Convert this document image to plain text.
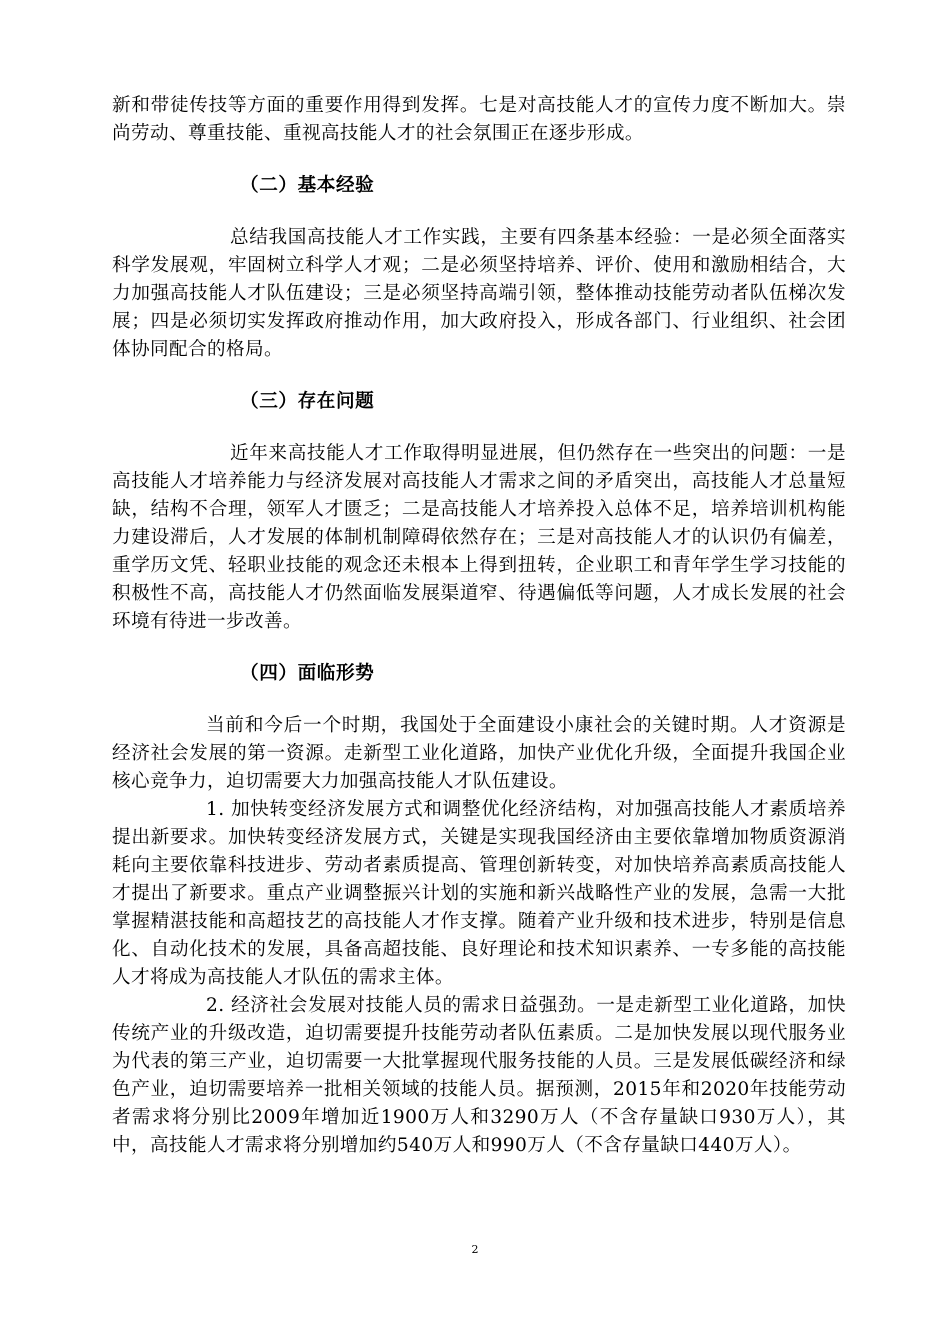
新和带徒传技等方面的重要作用得到发挥。七是对高技能人才的宣传力度不断加大。崇尚劳动、尊重技能、重视高技能人才的社会氛围正在逐步形成。

（二）基本经验

总结我国高技能人才工作实践，主要有四条基本经验：一是必须全面落实科学发展观，牢固树立科学人才观；二是必须坚持培养、评价、使用和激励相结合，大力加强高技能人才队伍建设；三是必须坚持高端引领，整体推动技能劳动者队伍梯次发展；四是必须切实发挥政府推动作用，加大政府投入，形成各部门、行业组织、社会团体协同配合的格局。

（三）存在问题

近年来高技能人才工作取得明显进展，但仍然存在一些突出的问题：一是高技能人才培养能力与经济发展对高技能人才需求之间的矛盾突出，高技能人才总量短缺，结构不合理，领军人才匮乏；二是高技能人才培养投入总体不足，培养培训机构能力建设滞后，人才发展的体制机制障碍依然存在；三是对高技能人才的认识仍有偏差，重学历文凭、轻职业技能的观念还未根本上得到扭转，企业职工和青年学生学习技能的积极性不高，高技能人才仍然面临发展渠道窄、待遇偏低等问题，人才成长发展的社会环境有待进一步改善。

（四）面临形势

当前和今后一个时期，我国处于全面建设小康社会的关键时期。人才资源是经济社会发展的第一资源。走新型工业化道路，加快产业优化升级，全面提升我国企业核心竞争力，迫切需要大力加强高技能人才队伍建设。

1. 加快转变经济发展方式和调整优化经济结构，对加强高技能人才素质培养提出新要求。加快转变经济发展方式，关键是实现我国经济由主要依靠增加物质资源消耗向主要依靠科技进步、劳动者素质提高、管理创新转变，对加快培养高素质高技能人才提出了新要求。重点产业调整振兴计划的实施和新兴战略性产业的发展，急需一大批掌握精湛技能和高超技艺的高技能人才作支撑。随着产业升级和技术进步，特别是信息化、自动化技术的发展，具备高超技能、良好理论和技术知识素养、一专多能的高技能人才将成为高技能人才队伍的需求主体。

2. 经济社会发展对技能人员的需求日益强劲。一是走新型工业化道路，加快传统产业的升级改造，迫切需要提升技能劳动者队伍素质。二是加快发展以现代服务业为代表的第三产业，迫切需要一大批掌握现代服务技能的人员。三是发展低碳经济和绿色产业，迫切需要培养一批相关领域的技能人员。据预测，2015年和2020年技能劳动者需求将分别比2009年增加近1900万人和3290万人（不含存量缺口930万人），其中，高技能人才需求将分别增加约540万人和990万人（不含存量缺口440万人）。

2
